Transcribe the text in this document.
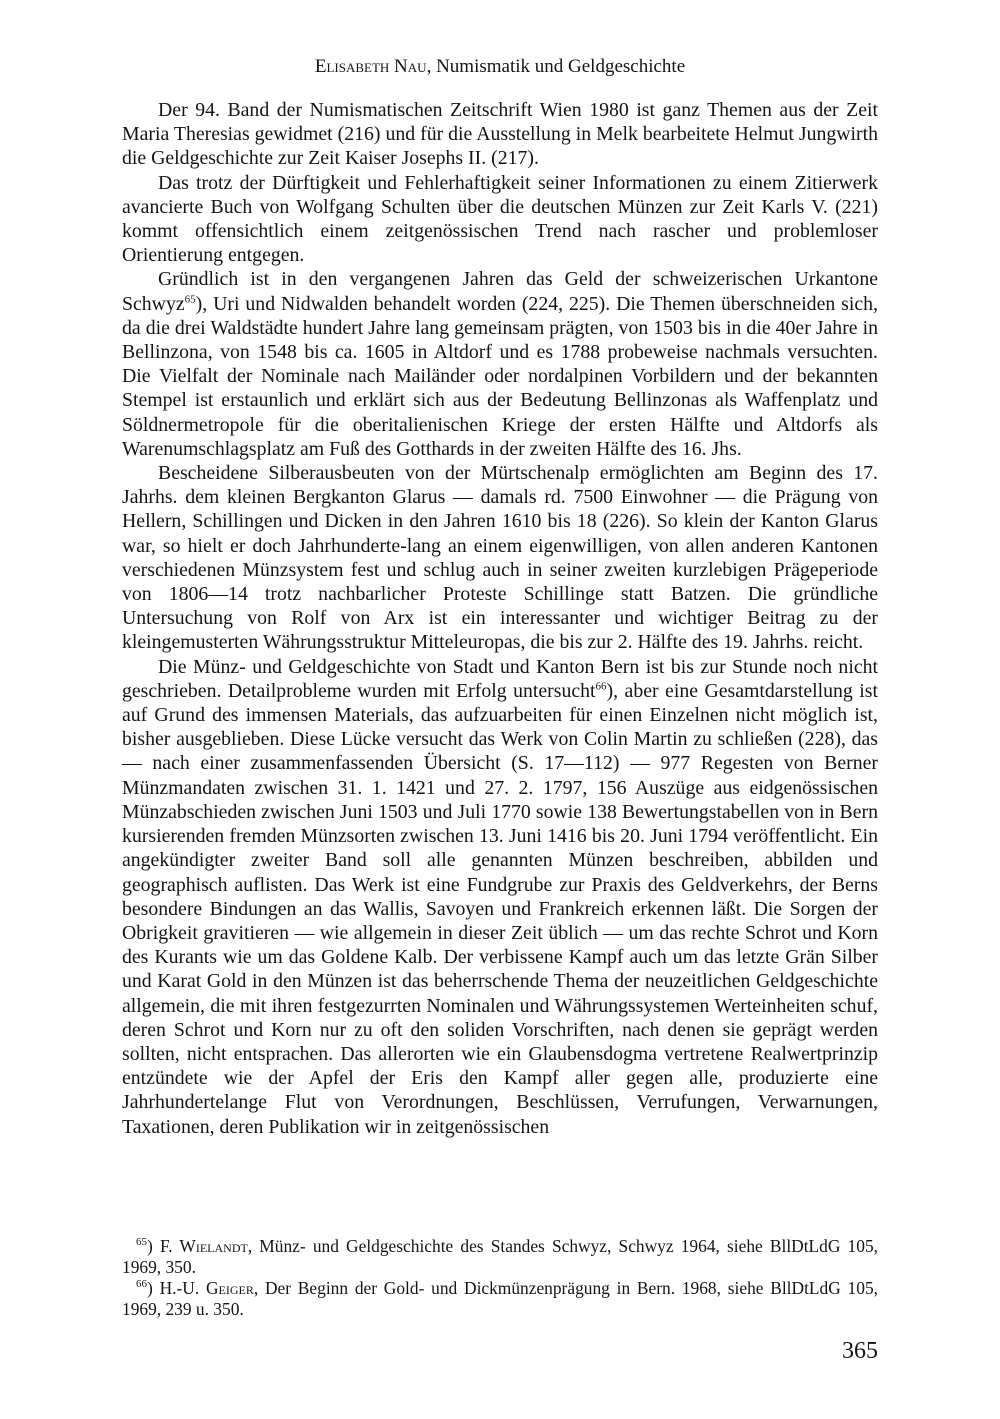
Elisabeth Nau, Numismatik und Geldgeschichte

Der 94. Band der Numismatischen Zeitschrift Wien 1980 ist ganz Themen aus der Zeit Maria Theresias gewidmet (216) und für die Ausstellung in Melk bearbeitete Helmut Jungwirth die Geldgeschichte zur Zeit Kaiser Josephs II. (217).

Das trotz der Dürftigkeit und Fehlerhaftigkeit seiner Informationen zu einem Zitierwerk avancierte Buch von Wolfgang Schulten über die deutschen Münzen zur Zeit Karls V. (221) kommt offensichtlich einem zeitgenössischen Trend nach rascher und problemloser Orientierung entgegen.

Gründlich ist in den vergangenen Jahren das Geld der schweizerischen Urkantone Schwyz$^{65}$), Uri und Nidwalden behandelt worden (224, 225). Die Themen überschneiden sich, da die drei Waldstädte hundert Jahre lang gemeinsam prägten, von 1503 bis in die 40er Jahre in Bellinzona, von 1548 bis ca. 1605 in Altdorf und es 1788 probeweise nachmals versuchten. Die Vielfalt der Nominale nach Mailänder oder nordalpinen Vorbildern und der bekannten Stempel ist erstaunlich und erklärt sich aus der Bedeutung Bellinzonas als Waffenplatz und Söldnermetropole für die oberitalienischen Kriege der ersten Hälfte und Altdorfs als Warenumschlagsplatz am Fuß des Gotthards in der zweiten Hälfte des 16. Jhs.

Bescheidene Silberausbeuten von der Mürtschenalp ermöglichten am Beginn des 17. Jahrhs. dem kleinen Bergkanton Glarus — damals rd. 7500 Einwohner — die Prägung von Hellern, Schillingen und Dicken in den Jahren 1610 bis 18 (226). So klein der Kanton Glarus war, so hielt er doch Jahrhunderte-lang an einem eigenwilligen, von allen anderen Kantonen verschiedenen Münzsystem fest und schlug auch in seiner zweiten kurzlebigen Prägeperiode von 1806—14 trotz nachbarlicher Proteste Schillinge statt Batzen. Die gründliche Untersuchung von Rolf von Arx ist ein interessanter und wichtiger Beitrag zu der kleingemusterten Währungsstruktur Mitteleuropas, die bis zur 2. Hälfte des 19. Jahrhs. reicht.

Die Münz- und Geldgeschichte von Stadt und Kanton Bern ist bis zur Stunde noch nicht geschrieben. Detailprobleme wurden mit Erfolg untersucht$^{66}$), aber eine Gesamtdarstellung ist auf Grund des immensen Materials, das aufzuarbeiten für einen Einzelnen nicht möglich ist, bisher ausgeblieben. Diese Lücke versucht das Werk von Colin Martin zu schließen (228), das — nach einer zusammenfassenden Übersicht (S. 17—112) — 977 Regesten von Berner Münzmandaten zwischen 31. 1. 1421 und 27. 2. 1797, 156 Auszüge aus eidgenössischen Münzabschieden zwischen Juni 1503 und Juli 1770 sowie 138 Bewertungstabellen von in Bern kursierenden fremden Münzsorten zwischen 13. Juni 1416 bis 20. Juni 1794 veröffentlicht. Ein angekündigter zweiter Band soll alle genannten Münzen beschreiben, abbilden und geographisch auflisten. Das Werk ist eine Fundgrube zur Praxis des Geldverkehrs, der Berns besondere Bindungen an das Wallis, Savoyen und Frankreich erkennen läßt. Die Sorgen der Obrigkeit gravitieren — wie allgemein in dieser Zeit üblich — um das rechte Schrot und Korn des Kurants wie um das Goldene Kalb. Der verbissene Kampf auch um das letzte Grän Silber und Karat Gold in den Münzen ist das beherrschende Thema der neuzeitlichen Geldgeschichte allgemein, die mit ihren festgezurrten Nominalen und Währungssystemen Werteinheiten schuf, deren Schrot und Korn nur zu oft den soliden Vorschriften, nach denen sie geprägt werden sollten, nicht entsprachen. Das allerorten wie ein Glaubensdogma vertretene Realwertprinzip entzündete wie der Apfel der Eris den Kampf aller gegen alle, produzierte eine Jahrhundertelange Flut von Verordnungen, Beschlüssen, Verrufungen, Verwarnungen, Taxationen, deren Publikation wir in zeitgenössischen

$^{65}$) F. Wielandt, Münz- und Geldgeschichte des Standes Schwyz, Schwyz 1964, siehe BllDtLdG 105, 1969, 350.

$^{66}$) H.-U. Geiger, Der Beginn der Gold- und Dickmünzenprägung in Bern. 1968, siehe BllDtLdG 105, 1969, 239 u. 350.

365
